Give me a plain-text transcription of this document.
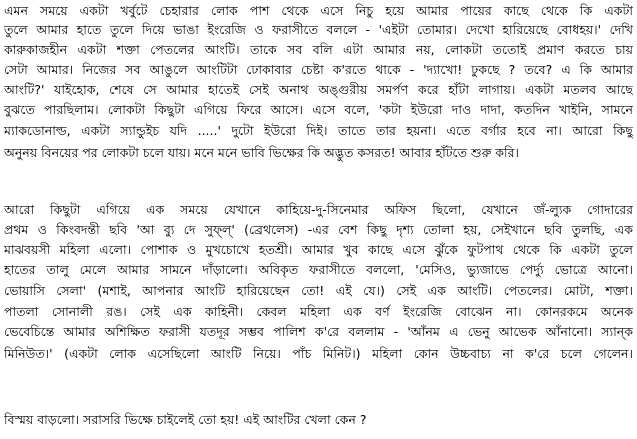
এমন সময়ে একটা খর্বুটে চেহারার লোক পাশ থেকে এসে নিচু হয়ে আমার পায়ের কাছে থেকে কি একটা
তুলে আমার হাতে তুলে দিয়ে ভাঙা ইংরেজি ও ফরাসীতে বললে - 'এইটা তোমার। দেখো হারিয়েছে বোধহয়।' দেখি
কারুকাজহীন একটা শক্তা পেতলের আংটি। তাকে সব বলি এটা আমার নয়, লোকটা ততোই প্রমাণ করতে চায়
সেটা আমার। নিজের সব আঙুলে আংটিটা ঢোকাবার চেষ্টা ক'রতে থাকে - 'দ্যাখো! ঢুকছে ? তবে? এ কি আমার
আংটি?' যাইহোক, শেষে সে আমার হাতেই সেই অনাথ অঙ্গুরীয় সমর্পণ করে হাঁটা লাগায়। একটা মতলব আছে
বুঝতে পারছিলাম। লোকটা কিছুটা এগিয়ে ফিরে আসে। এসে বলে, 'কটা ইউরো দাও দাদা, কতদিন খাইনি, সামনে
ম্যাকডোনাল্ড, একটা স্যান্ডুইচ যদি .....' দুটো ইউরো দিই। তাতে তার হয়না। এতে বর্গার হবে না। আরো কিছু
অনুনয় বিনয়ের পর লোকটা চলে যায়। মনে মনে ভাবি ভিক্ষের কি অদ্ভুত কসরত! আবার হাঁটতে শুরু করি।
আরো কিছুটা এগিয়ে এক সময়ে যেখানে কাহিয়ে-দু-সিনেমার অফিস ছিলো, যেখানে জঁ-ল্যুক গোদারের
প্রথম ও কিংবদন্তী ছবি 'আ ব্যু দে সুফ্‌ল্‌' (ব্রেথলেস) -এর বেশ কিছু দৃশ্য তোলা হয়, সেইখানে ছবি তুলছি, এক
মাঝবয়সী মহিলা এলো। পোশাক ও মুখচোখে হতশ্রী। আমার খুব কাছে এসে ঝুঁকে ফুটপাথ থেকে কি একটা তুলে
হাতের তালু মেলে আমার সামনে দাঁড়ালো। অবিকৃত ফরাসীতে বললো, 'মেসিও, ভ্যুজাভে পের্দ্যু ভোত্রে আনো।
ভোয়াসি সেলা' (মশাই, আপনার আংটি হারিয়েছেন তো! এই যে।) সেই এক আংটি। পেতলের। মোটা, শক্তা।
পাতলা সোনালী রঙ। সেই এক কাহিনী। কেবল মহিলা এক বর্ণ ইংরেজি বোঝেন না। কোনরকমে অনেক
ভেবেচিন্তে আমার অশিক্ষিত ফরাসী যতদূর সম্ভব পালিশ ক'রে বললাম - 'আঁনম এ ভেনু আভেক আঁনানো। স্যান্ক
মিনিউত।' (একটা লোক এসেছিলো আংটি নিয়ে। পাঁচ মিনিট।) মহিলা কোন উচ্চবাচ্য না ক'রে চলে গেলেন।
বিস্ময় বাড়লো। সরাসরি ভিক্ষে চাইলেই তো হয়! এই আংটির খেলা কেন ?
